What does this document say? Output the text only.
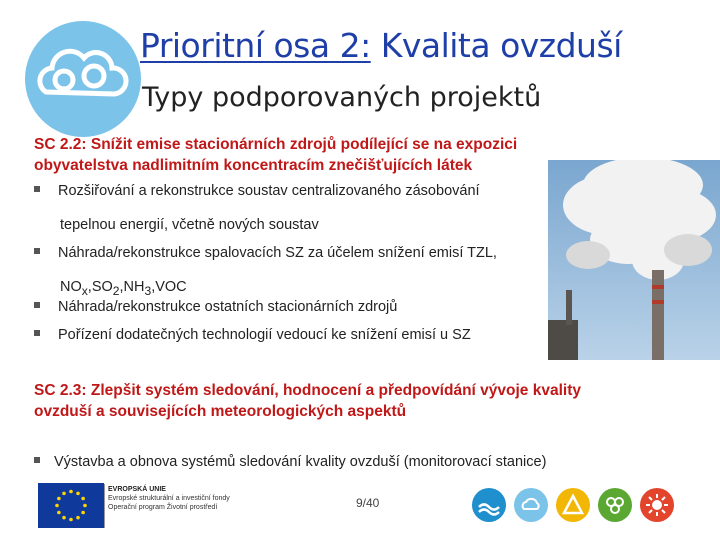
Prioritní osa 2: Kvalita ovzduší
Typy podporovaných projektů
SC 2.2: Snížit emise stacionárních zdrojů podílející se na expozici
obyvatelstva nadlimitním koncentracím znečišťujících látek
Rozšiřování a rekonstrukce soustav centralizovaného zásobování
tepelnou energií, včetně nových soustav
Náhrada/rekonstrukce spalovacích SZ za účelem snížení emisí TZL,
$NO_x,SO_2,NH_3,VOC$
Náhrada/rekonstrukce ostatních stacionárních zdrojů
Pořízení dodatečných technologií vedoucí ke snížení emisí u SZ
SC 2.3: Zlepšit systém sledování, hodnocení a předpovídání vývoje kvality
ovzduší a souvisejících meteorologických aspektů
Výstavba a obnova systémů sledování kvality ovzduší (monitorovací stanice)
EVROPSKÁ UNIE
Evropské strukturální a investiční fondy
Operační program Životní prostředí	9/40
